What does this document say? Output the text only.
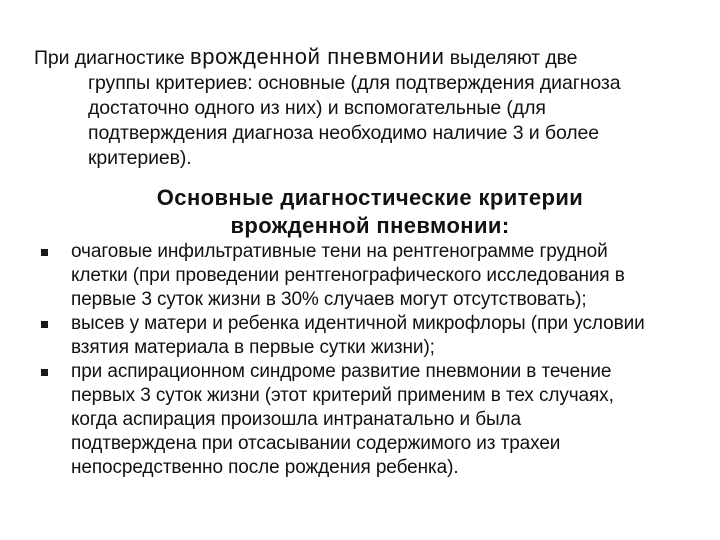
При диагностике врожденной пневмонии выделяют две
группы критериев: основные (для подтверждения диагноза
достаточно одного из них) и вспомогательные (для
подтверждения диагноза необходимо наличие 3 и более
критериев).
Основные диагностические критерии
врожденной пневмонии:
очаговые инфильтративные тени на рентгенограмме грудной
клетки (при проведении рентгенографического исследования в
первые 3 суток жизни в 30% случаев могут отсутствовать);
высев у матери и ребенка идентичной микрофлоры (при условии
взятия материала в первые сутки жизни);
при аспирационном синдроме развитие пневмонии в течение
первых 3 суток жизни (этот критерий применим в тех случаях,
когда аспирация произошла интранатально и была
подтверждена при отсасывании содержимого из трахеи
непосредственно после рождения ребенка).
